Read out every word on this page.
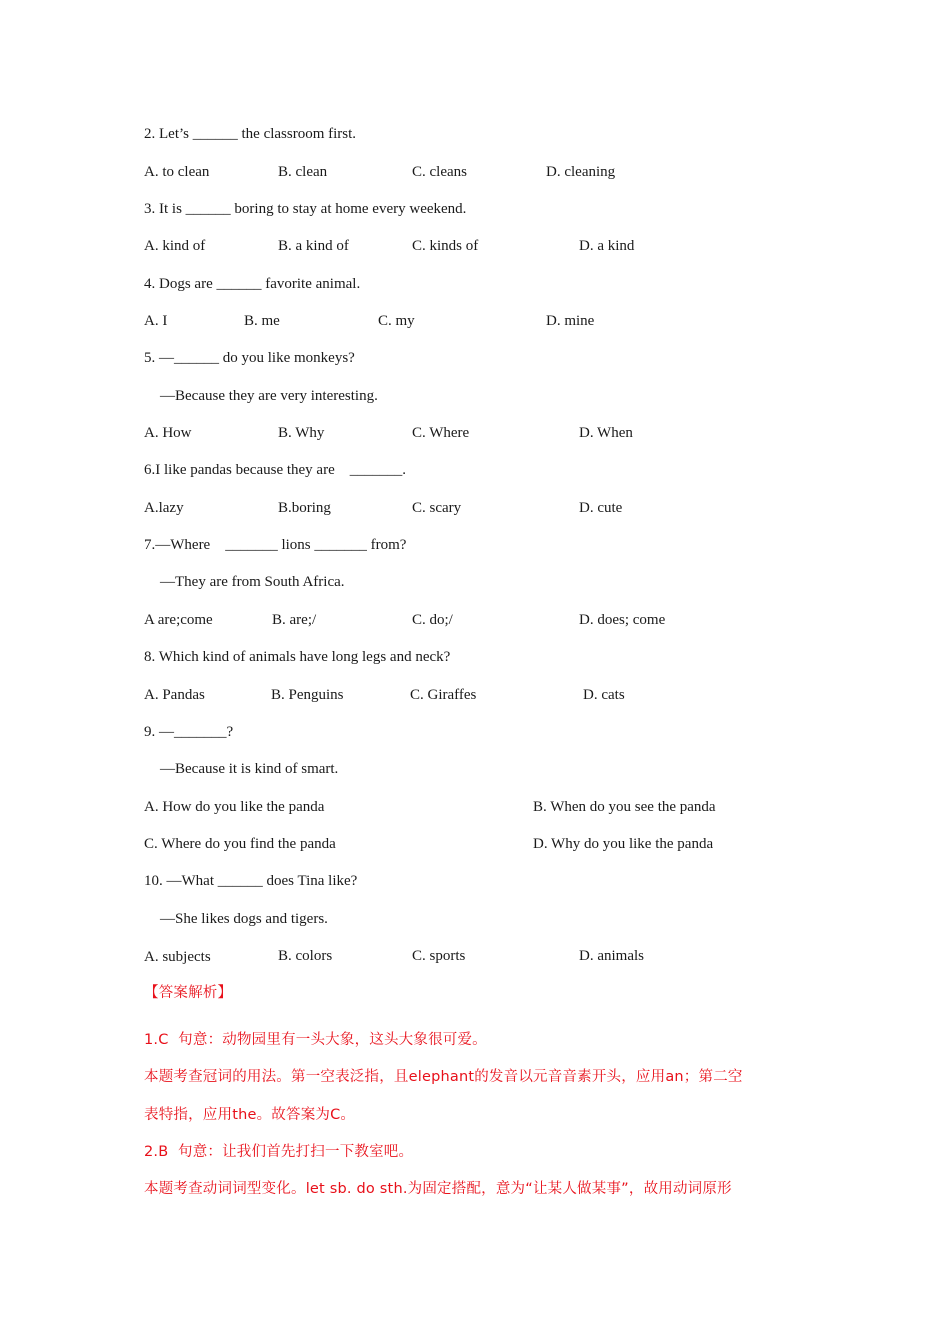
2. Let’s ______ the classroom first.
A. to clean	B. clean	C. cleans	D. cleaning
3. It is ______ boring to stay at home every weekend.
A. kind of	B. a kind of	C. kinds of	D. a kind
4. Dogs are ______ favorite animal.
A. I	B. me	C. my	D. mine
5. —______ do you like monkeys?
—Because they are very interesting.
A. How	B. Why	C. Where	D. When
6.I like pandas because they are    _______.
A.lazy	B.boring	C. scary	D. cute
7.—Where    _______ lions _______ from?
—They are from South Africa.
A are;come	B. are;/	C. do;/	D. does; come
8. Which kind of animals have long legs and neck?
A. Pandas	B. Penguins	C. Giraffes	D. cats
9. —_______?
—Because it is kind of smart.
A. How do you like the panda	B. When do you see the panda
C. Where do you find the panda	D. Why do you like the panda
10. —What ______ does Tina like?
—She likes dogs and tigers.
A. subjects	B. colors	C. sports	D. animals
【答案解析】
1.C  句意：动物园里有一头大象，这头大象很可爱。
本题考查冠词的用法。第一空表泛指，且elephant的发音以元音音素开头，应用an；第二空
表特指，应用the。故答案为C。
2.B  句意：让我们首先打扫一下教室吧。
本题考查动词词型变化。let sb. do sth.为固定搭配，意为“让某人做某事”，故用动词原形
